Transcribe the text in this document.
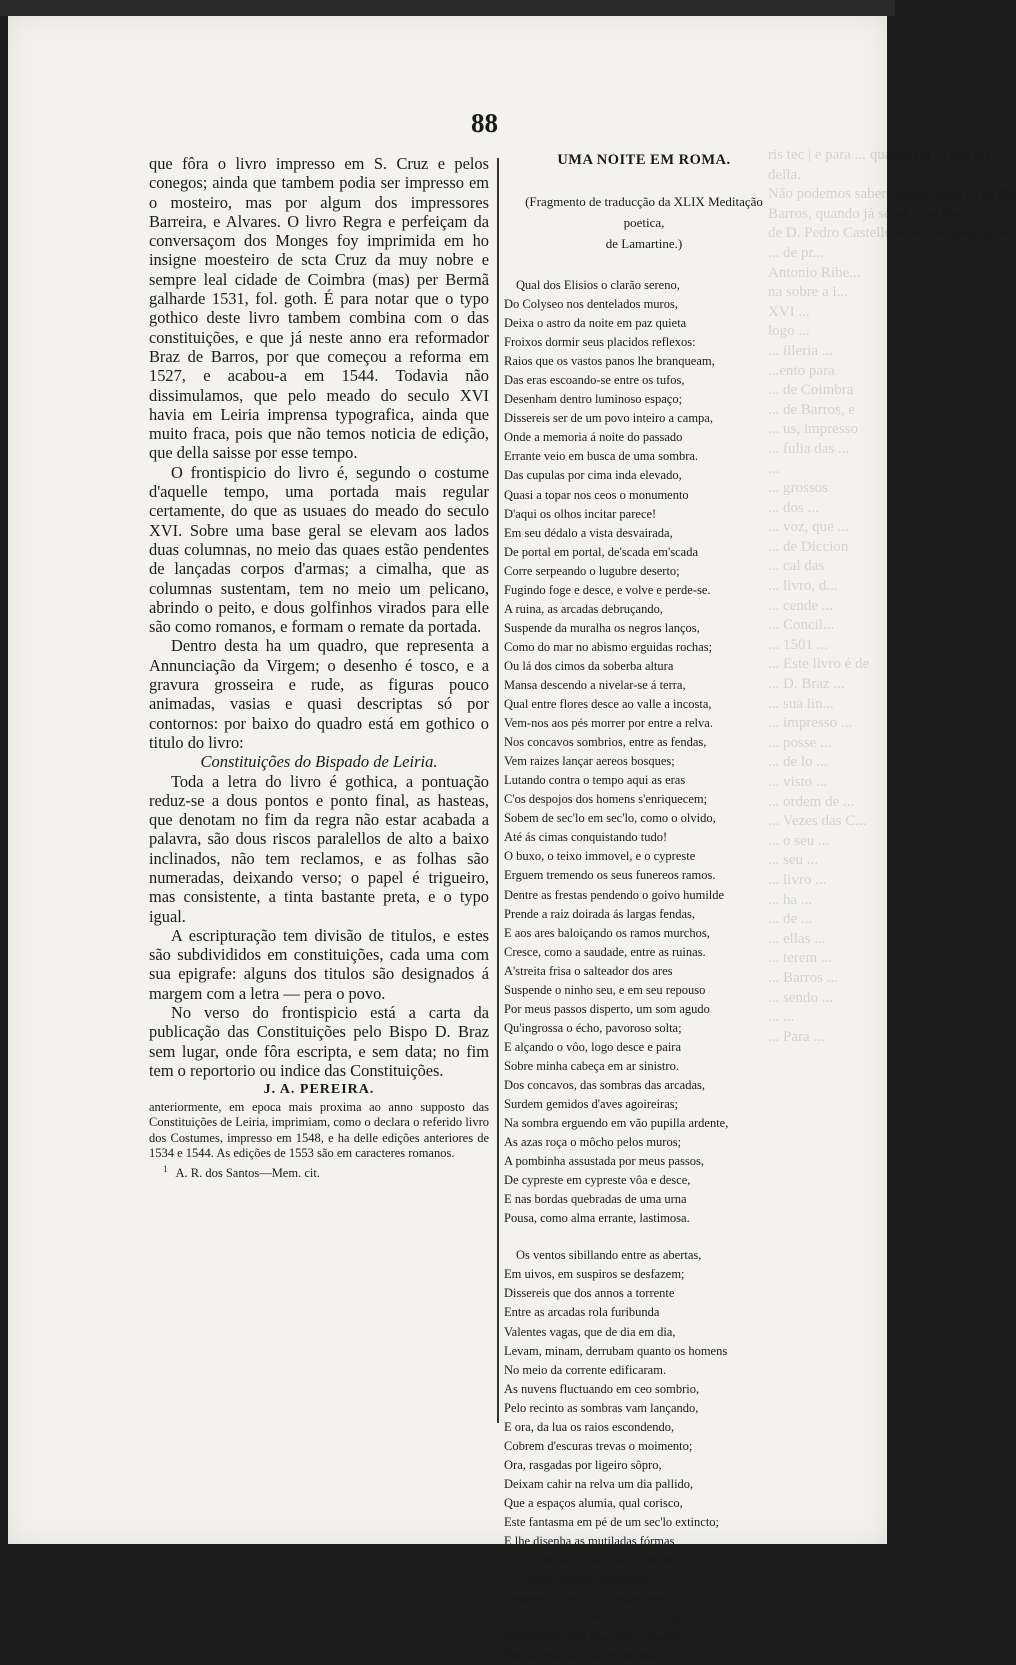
ris tec | e para ... quanto foi ... oficina
della.
Não podemos saber porque motivo se lhe
Barros, quando já se vê, que este
de D. Pedro Castello se ao de nado, que
... de pr...
Antonio Ribe...
na sobre a i...
XVI ...
logo ...
... illeria ...
...ento para
... de Coimbra
... de Barros, e
... us, impresso
... fulia das ...
...
... grossos
... dos ...
... voz, que ...
... de Diccion
... cal das
... livro, d...
... cende ...
... Concil...
... 1501 ...
... Este livro é de
... D. Braz ...
... sua lin...
... impresso ...
... posse ...
... de lo ...
... visto ...
... ordem de ...
... Vezes das C...
... o seu ...
... seu ...
... livro ...
... ha ...
... de ...
... ellas ...
... terem ...
... Barros ...
... sendo ...
... ...
... Para ...
88

que fôra o livro impresso em S. Cruz e pelos conegos; ainda que tambem podia ser impresso em o mosteiro, mas por algum dos impressores Barreira, e Alvares. O livro Regra e perfeiçam da conversaçom dos Monges foy imprimida em ho insigne moesteiro de scta Cruz da muy nobre e sempre leal cidade de Coimbra (mas) per Bermã galharde 1531, fol. goth. É para notar que o typo gothico deste livro tambem combina com o das constituições, e que já neste anno era reformador Braz de Barros, por que começou a reforma em 1527, e acabou-a em 1544. Todavia não dissimulamos, que pelo meado do seculo XVI havia em Leiria imprensa typografica, ainda que muito fraca, pois que não temos noticia de edição, que della saisse por esse tempo.

O frontispicio do livro é, segundo o costume d'aquelle tempo, uma portada mais regular certamente, do que as usuaes do meado do seculo XVI. Sobre uma base geral se elevam aos lados duas columnas, no meio das quaes estão pendentes de lançadas corpos d'armas; a cimalha, que as columnas sustentam, tem no meio um pelicano, abrindo o peito, e dous golfinhos virados para elle são como romanos, e formam o remate da portada.

Dentro desta ha um quadro, que representa a Annunciação da Virgem; o desenho é tosco, e a gravura grosseira e rude, as figuras pouco animadas, vasias e quasi descriptas só por contornos: por baixo do quadro está em gothico o titulo do livro:

Constituições do Bispado de Leiria.

Toda a letra do livro é gothica, a pontuação reduz-se a dous pontos e ponto final, as hasteas, que denotam no fim da regra não estar acabada a palavra, são dous riscos paralellos de alto a baixo inclinados, não tem reclamos, e as folhas são numeradas, deixando verso; o papel é trigueiro, mas consistente, a tinta bastante preta, e o typo igual.

A escripturação tem divisão de titulos, e estes são subdivididos em constituições, cada uma com sua epigrafe: alguns dos titulos são designados á margem com a letra — pera o povo.

No verso do frontispicio está a carta da publicação das Constituições pelo Bispo D. Braz sem lugar, onde fôra escripta, e sem data; no fim tem o reportorio ou indice das Constituições.

J. A. PEREIRA.

anteriormente, em epoca mais proxima ao anno supposto das Constituições de Leiria, imprimiam, como o declara o referido livro dos Costumes, impresso em 1548, e ha delle edições anteriores de 1534 e 1544. As edições de 1553 são em caracteres romanos.

$^1$ A. R. dos Santos—Mem. cit.

UMA NOITE EM ROMA.
(Fragmento de traducção da XLIX Meditação poetica,
de Lamartine.)
Qual dos Elisios o clarão sereno,
Do Colyseo nos dentelados muros,
Deixa o astro da noite em paz quieta
Froixos dormir seus placidos reflexos:
Raios que os vastos panos lhe branqueam,
Das eras escoando-se entre os tufos,
Desenham dentro luminoso espaço;
Dissereis ser de um povo inteiro a campa,
Onde a memoria á noite do passado
Errante veio em busca de uma sombra.
Das cupulas por cima inda elevado,
Quasi a topar nos ceos o monumento
D'aqui os olhos incitar parece!
Em seu dédalo a vista desvairada,
De portal em portal, de'scada em'scada
Corre serpeando o lugubre deserto;
Fugindo foge e desce, e volve e perde-se.
A ruina, as arcadas debruçando,
Suspende da muralha os negros lanços,
Como do mar no abismo erguidas rochas;
Ou lá dos cimos da soberba altura
Mansa descendo a nivelar-se á terra,
Qual entre flores desce ao valle a incosta,
Vem-nos aos pés morrer por entre a relva.
Nos concavos sombrios, entre as fendas,
Vem raizes lançar aereos bosques;
Lutando contra o tempo aqui as eras
C'os despojos dos homens s'enriquecem;
Sobem de sec'lo em sec'lo, como o olvido,
Até ás cimas conquistando tudo!
O buxo, o teixo immovel, e o cypreste
Erguem tremendo os seus funereos ramos.
Dentre as frestas pendendo o goivo humilde
Prende a raiz doirada ás largas fendas,
E aos ares baloiçando os ramos murchos,
Cresce, como a saudade, entre as ruinas.
A'streita frisa o salteador dos ares
Suspende o ninho seu, e em seu repouso
Por meus passos disperto, um som agudo
Qu'ingrossa o écho, pavoroso solta;
E alçando o vôo, logo desce e paira
Sobre minha cabeça em ar sinistro.
Dos concavos, das sombras das arcadas,
Surdem gemidos d'aves agoireiras;
Na sombra erguendo em vão pupilla ardente,
As azas roça o môcho pelos muros;
A pombinha assustada por meus passos,
De cypreste em cypreste vôa e desce,
E nas bordas quebradas de uma urna
Pousa, como alma errante, lastimosa.
Os ventos sibillando entre as abertas,
Em uivos, em suspiros se desfazem;
Dissereis que dos annos a torrente
Entre as arcadas rola furibunda
Valentes vagas, que de dia em dia,
Levam, minam, derrubam quanto os homens
No meio da corrente edificaram.
As nuvens fluctuando em ceo sombrio,
Pelo recinto as sombras vam lançando,
E ora, da lua os raios escondendo,
Cobrem d'escuras trevas o moimento;
Ora, rasgadas por ligeiro sôpro,
Deixam cahir na relva um dia pallido,
Que a espaços alumia, qual corisco,
Este fantasma em pé de um sec'lo extincto;
E lhe disenha as mutiladas fórmas
E os frontões verdes dos quebrados arcos;
Os largos aliceres derrocados,
Suspensos capiteis ameaçadores,
E a cruz eterna, que vencendo a altura,
Sobranceira s'inclina, qual o mastro
Batido pela mão da tempestade.
